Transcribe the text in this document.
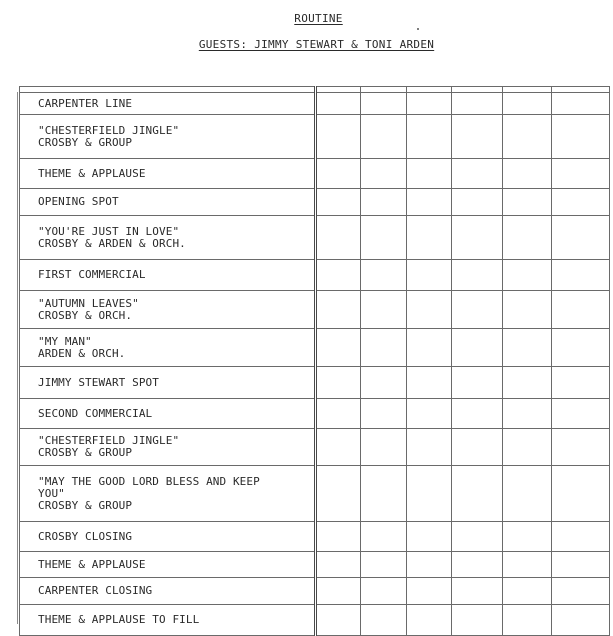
ROUTINE
GUESTS: JIMMY STEWART & TONI ARDEN

CARPENTER LINE						

"CHESTERFIELD JINGLE"
CROSBY & GROUP						

THEME & APPLAUSE						

OPENING SPOT						

"YOU'RE JUST IN LOVE"
CROSBY & ARDEN & ORCH.						

FIRST COMMERCIAL						

"AUTUMN LEAVES"
CROSBY & ORCH.						

"MY MAN"
ARDEN & ORCH.						

JIMMY STEWART SPOT						

SECOND COMMERCIAL						

"CHESTERFIELD JINGLE"
CROSBY & GROUP						

"MAY THE GOOD LORD BLESS AND KEEP
YOU"
CROSBY & GROUP						

CROSBY CLOSING						

THEME & APPLAUSE						

CARPENTER CLOSING						

THEME & APPLAUSE TO FILL						
